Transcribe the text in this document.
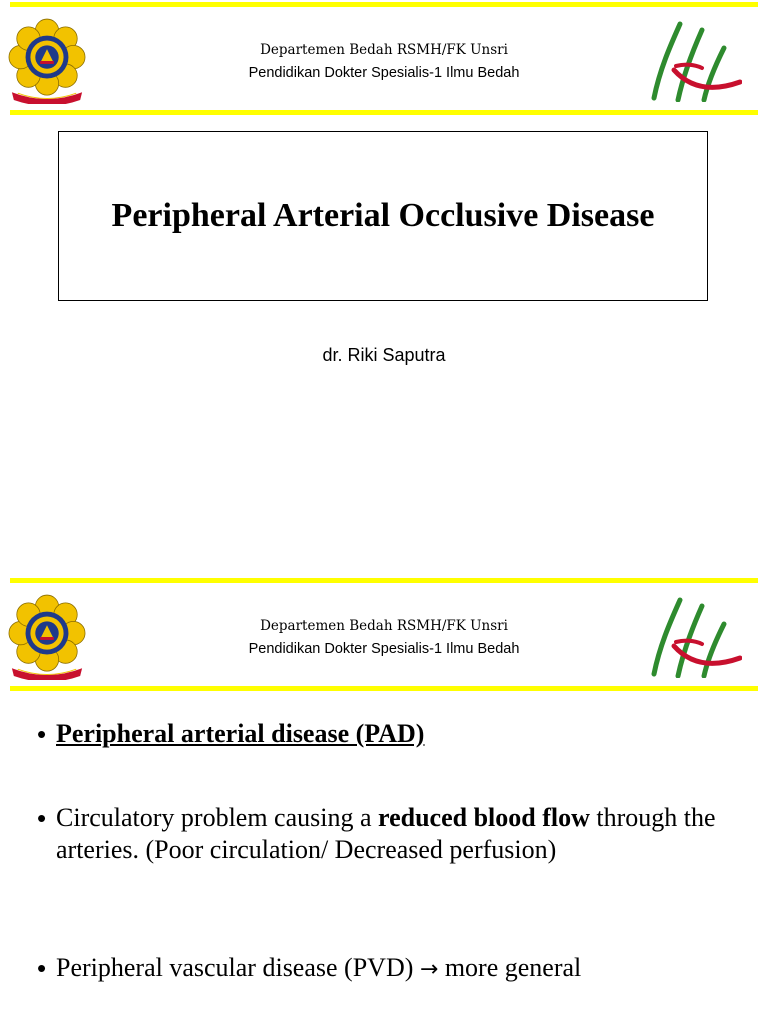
Departemen Bedah RSMH/FK Unsri
Pendidikan Dokter Spesialis-1 Ilmu Bedah
Peripheral Arterial Occlusive Disease
dr. Riki Saputra
Departemen Bedah RSMH/FK Unsri
Pendidikan Dokter Spesialis-1 Ilmu Bedah
• Peripheral arterial disease (PAD)
• Circulatory problem causing a reduced blood flow through the arteries. (Poor circulation/ Decreased perfusion)
• Peripheral vascular disease (PVD) → more general
